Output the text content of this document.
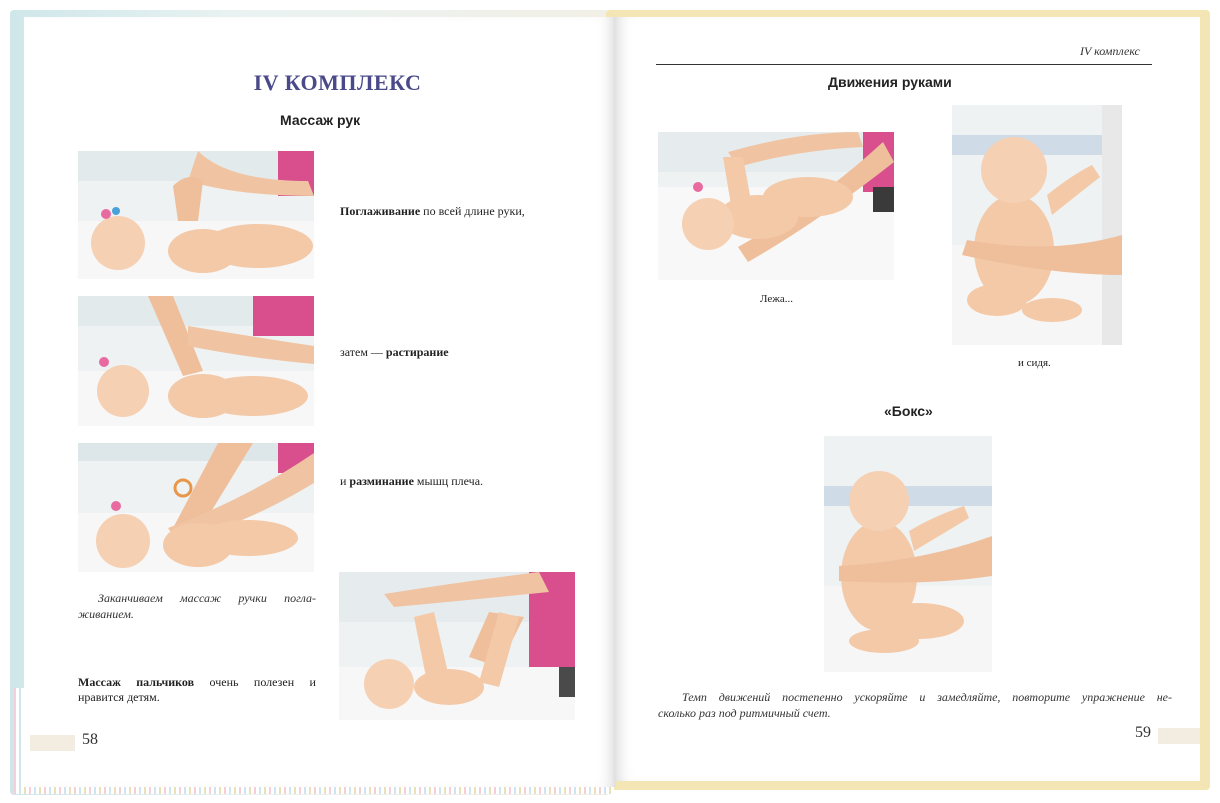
IV КОМПЛЕКС
Массаж рук
Поглаживание по всей длине руки,
затем — растирание
и разминание мышц плеча.
Заканчиваем массаж ручки погла-
живанием.
Массаж пальчиков очень полезен и
нравится детям.
58
IV комплекс
Движения руками
Лежа...
и сидя.
«Бокс»
Темп движений постепенно ускоряйте и замедляйте, повторите упражнение не-
сколько раз под ритмичный счет.
59
